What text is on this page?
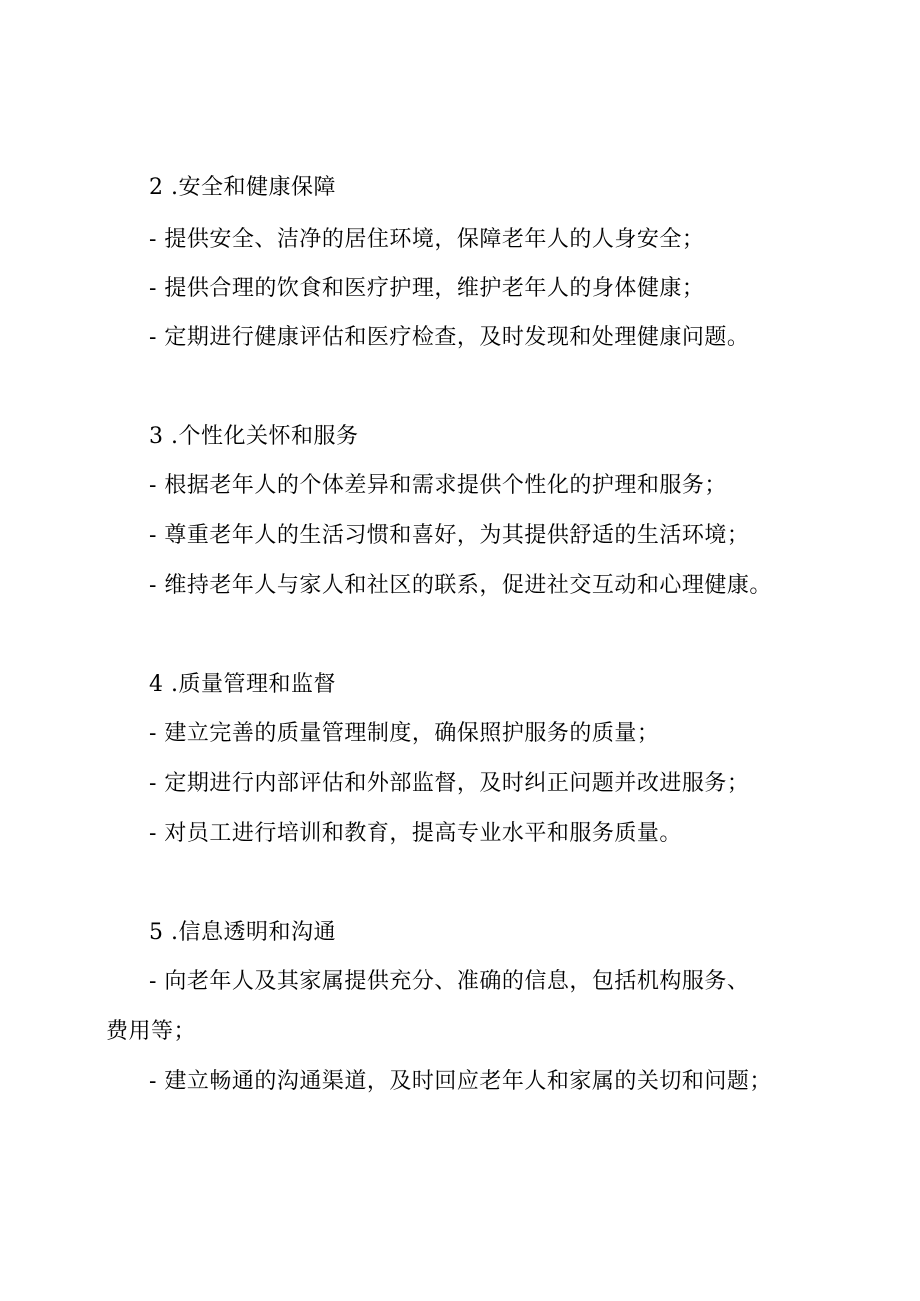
2 .安全和健康保障
- 提供安全、洁净的居住环境，保障老年人的人身安全；
- 提供合理的饮食和医疗护理，维护老年人的身体健康；
- 定期进行健康评估和医疗检查，及时发现和处理健康问题。
3 .个性化关怀和服务
- 根据老年人的个体差异和需求提供个性化的护理和服务；
- 尊重老年人的生活习惯和喜好，为其提供舒适的生活环境；
- 维持老年人与家人和社区的联系，促进社交互动和心理健康。
4 .质量管理和监督
- 建立完善的质量管理制度，确保照护服务的质量；
- 定期进行内部评估和外部监督，及时纠正问题并改进服务；
- 对员工进行培训和教育，提高专业水平和服务质量。
5 .信息透明和沟通
- 向老年人及其家属提供充分、准确的信息，包括机构服务、
费用等；
- 建立畅通的沟通渠道，及时回应老年人和家属的关切和问题；
